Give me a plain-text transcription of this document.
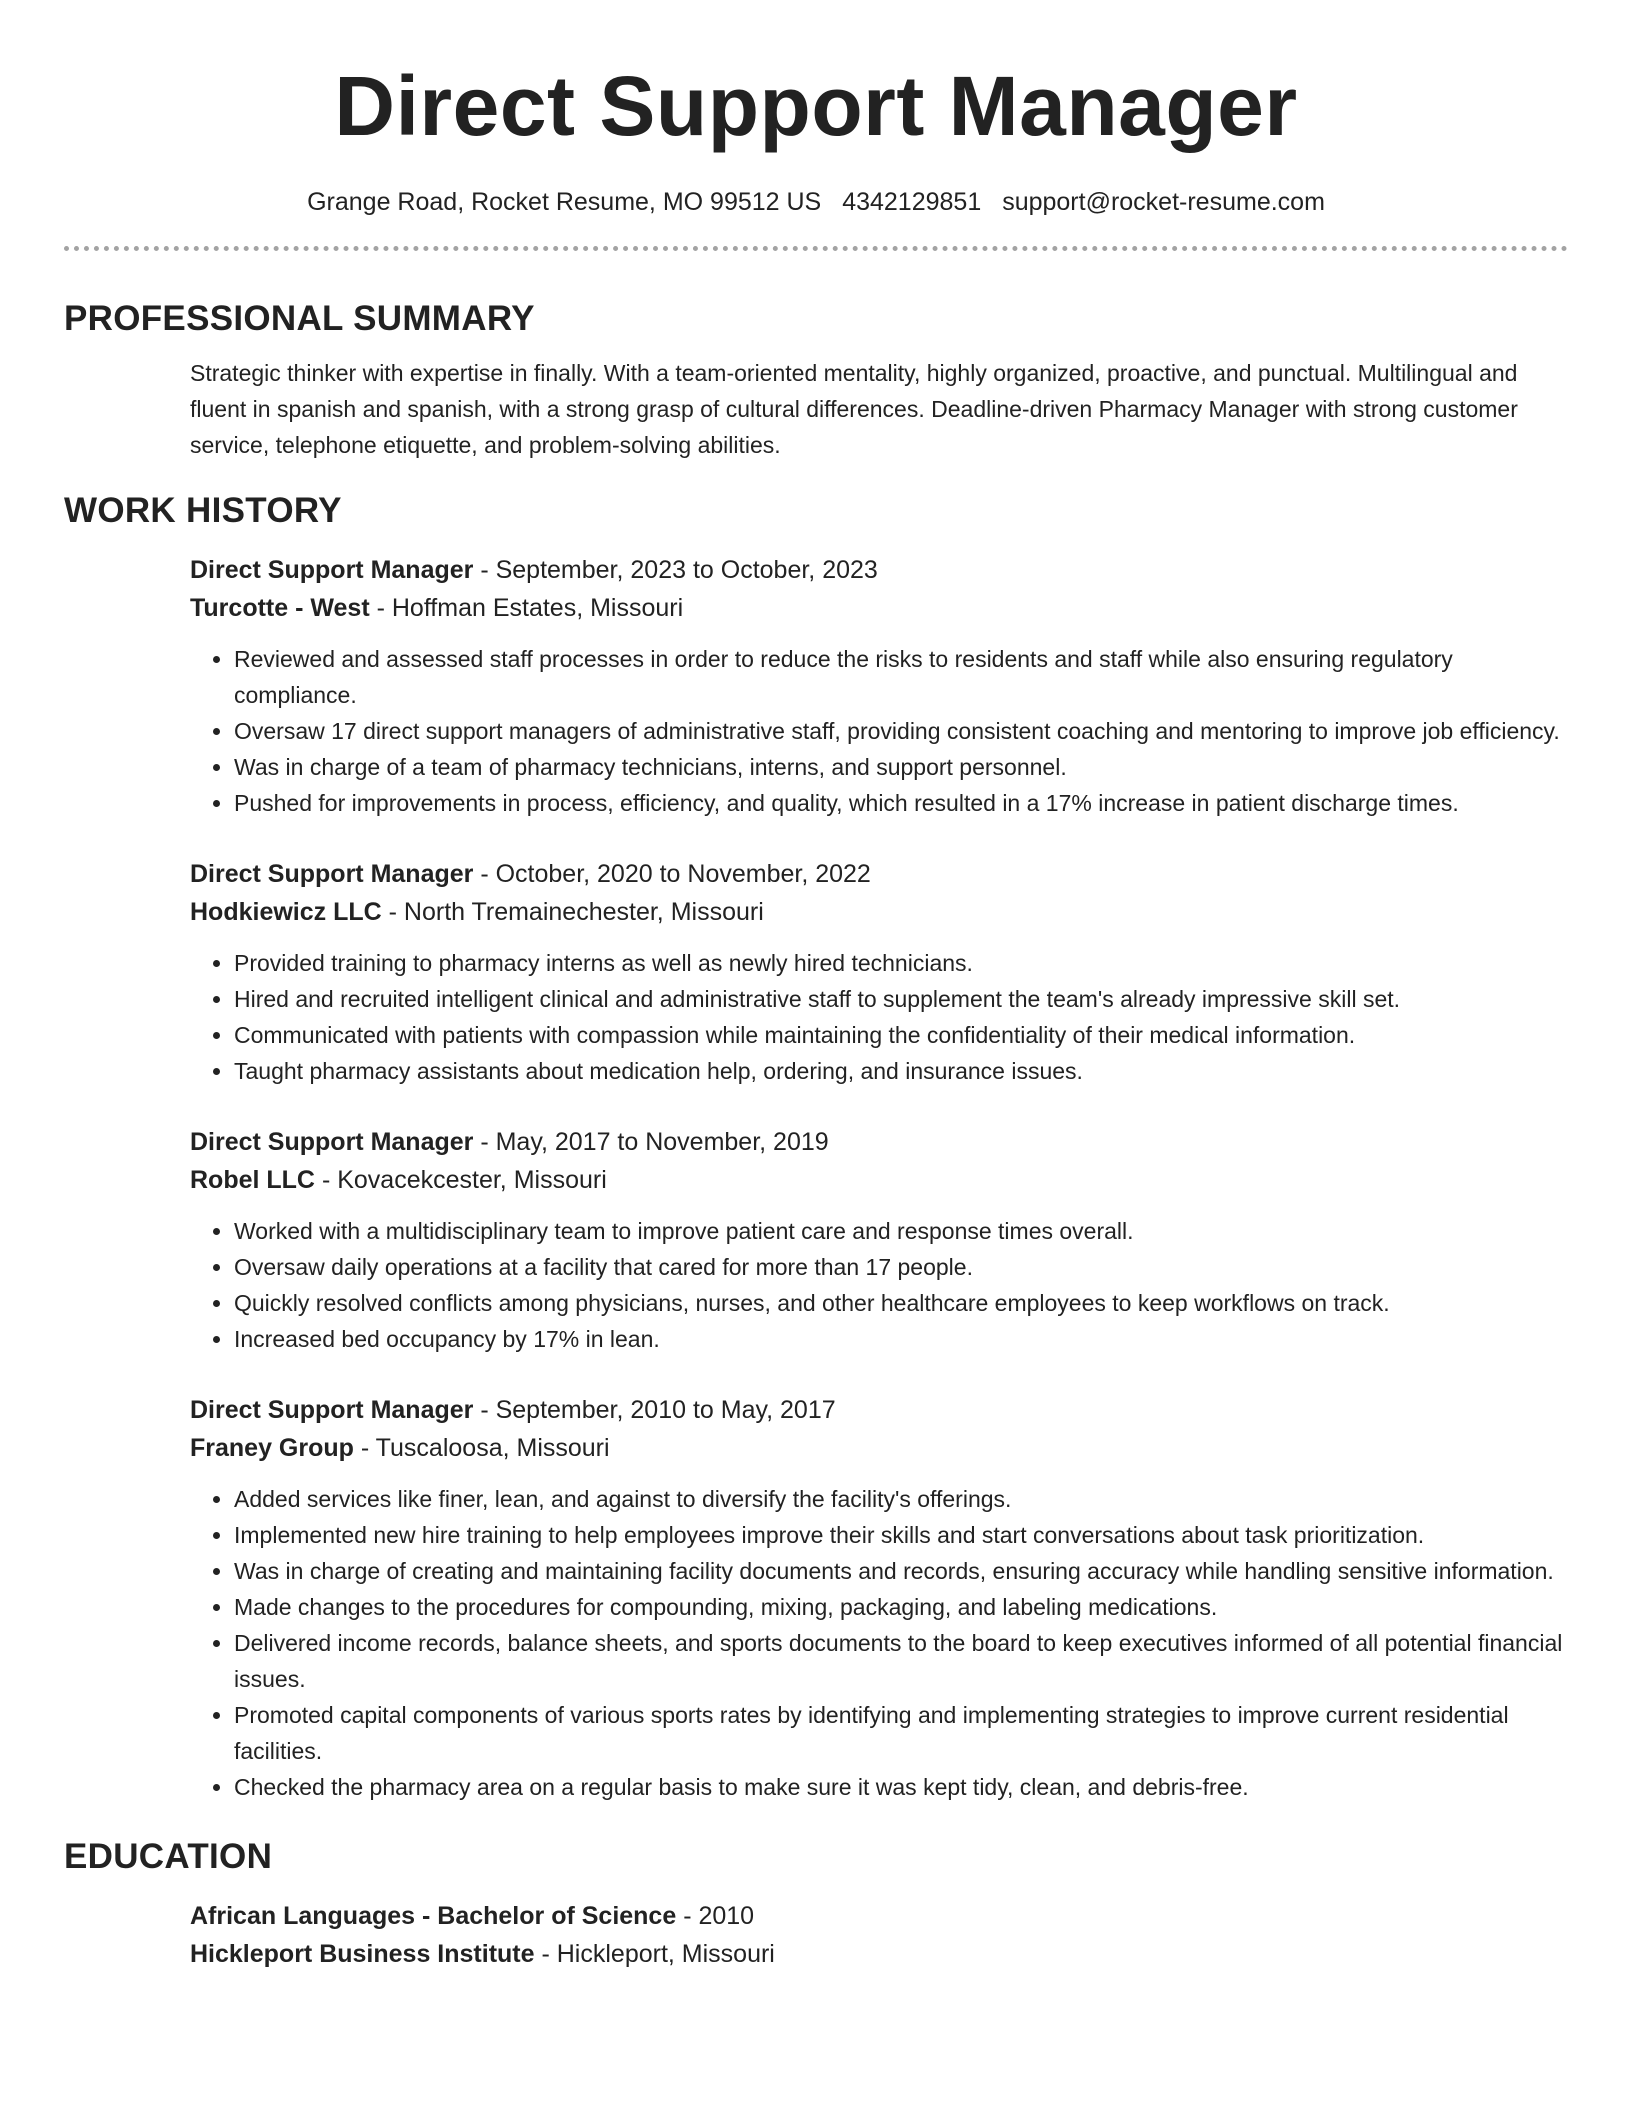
Direct Support Manager
Grange Road, Rocket Resume, MO 99512 US 4342129851 support@rocket-resume.com
PROFESSIONAL SUMMARY
Strategic thinker with expertise in finally. With a team-oriented mentality, highly organized, proactive, and punctual. Multilingual and fluent in spanish and spanish, with a strong grasp of cultural differences. Deadline-driven Pharmacy Manager with strong customer service, telephone etiquette, and problem-solving abilities.
WORK HISTORY
Direct Support Manager - September, 2023 to October, 2023
Turcotte - West - Hoffman Estates, Missouri
• Reviewed and assessed staff processes in order to reduce the risks to residents and staff while also ensuring regulatory compliance.
• Oversaw 17 direct support managers of administrative staff, providing consistent coaching and mentoring to improve job efficiency.
• Was in charge of a team of pharmacy technicians, interns, and support personnel.
• Pushed for improvements in process, efficiency, and quality, which resulted in a 17% increase in patient discharge times.
Direct Support Manager - October, 2020 to November, 2022
Hodkiewicz LLC - North Tremainechester, Missouri
• Provided training to pharmacy interns as well as newly hired technicians.
• Hired and recruited intelligent clinical and administrative staff to supplement the team's already impressive skill set.
• Communicated with patients with compassion while maintaining the confidentiality of their medical information.
• Taught pharmacy assistants about medication help, ordering, and insurance issues.
Direct Support Manager - May, 2017 to November, 2019
Robel LLC - Kovacekcester, Missouri
• Worked with a multidisciplinary team to improve patient care and response times overall.
• Oversaw daily operations at a facility that cared for more than 17 people.
• Quickly resolved conflicts among physicians, nurses, and other healthcare employees to keep workflows on track.
• Increased bed occupancy by 17% in lean.
Direct Support Manager - September, 2010 to May, 2017
Franey Group - Tuscaloosa, Missouri
• Added services like finer, lean, and against to diversify the facility's offerings.
• Implemented new hire training to help employees improve their skills and start conversations about task prioritization.
• Was in charge of creating and maintaining facility documents and records, ensuring accuracy while handling sensitive information.
• Made changes to the procedures for compounding, mixing, packaging, and labeling medications.
• Delivered income records, balance sheets, and sports documents to the board to keep executives informed of all potential financial issues.
• Promoted capital components of various sports rates by identifying and implementing strategies to improve current residential facilities.
• Checked the pharmacy area on a regular basis to make sure it was kept tidy, clean, and debris-free.
EDUCATION
African Languages - Bachelor of Science - 2010
Hickleport Business Institute - Hickleport, Missouri
